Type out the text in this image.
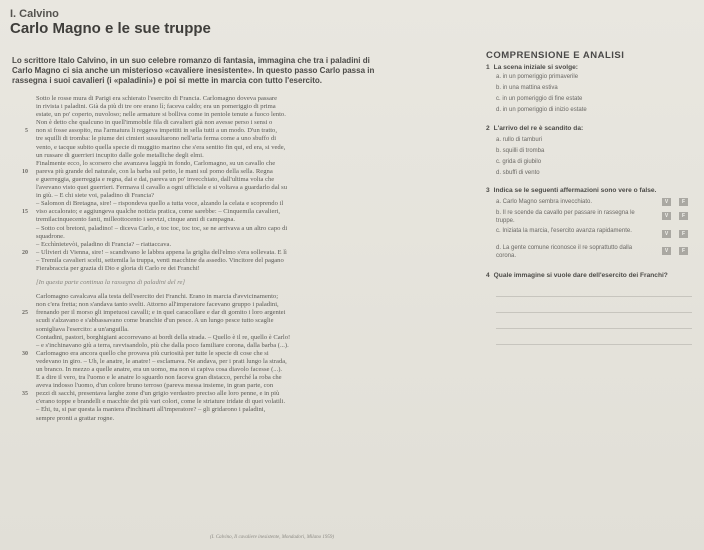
I. Calvino
Carlo Magno e le sue truppe

Lo scrittore Italo Calvino, in un suo celebre romanzo di fantasia, immagina che tra i paladini di Carlo Magno ci sia anche un misterioso «cavaliere inesistente». In questo passo Carlo passa in rassegna i suoi cavalieri (i «paladini») e poi si mette in marcia con tutto l'esercito.

Sotto le rosse mura di Parigi era schierato l'esercito di Francia. Carlomagno doveva passare
in rivista i paladini. Già da più di tre ore erano lì; faceva caldo; era un pomeriggio di prima
estate, un po' coperto, nuvoloso; nelle armature si bolliva come in pentole tenute a fuoco lento.
Non è detto che qualcuno in quell'immobile fila di cavalieri già non avesse perso i sensi o
5 non si fosse assopito, ma l'armatura li reggeva impettiti in sella tutti a un modo. D'un tratto,
tre squilli di tromba: le piume dei cimieri sussultarono nell'aria ferma come a uno sbuffo di
vento, e tacque subito quella specie di muggito marino che s'era sentito fin qui, ed era, si vede,
un russare di guerrieri incupito dalle gole metalliche degli elmi.
Finalmente ecco, lo scorsero che avanzava laggiù in fondo, Carlomagno, su un cavallo che
10 pareva più grande del naturale, con la barba sul petto, le mani sul pomo della sella. Regna
e guerreggia, guerreggia e regna, dai e dai, pareva un po' invecchiato, dall'ultima volta che
l'avevano visto quei guerrieri. Fermava il cavallo a ogni ufficiale e si voltava a guardarlo dal su
in giù. – E chi siete voi, paladino di Francia?
– Salomon di Bretagna, sire! – rispondeva quello a tutta voce, alzando la celata e scoprendo il
15 viso accalorato; e aggiungeva qualche notizia pratica, come sarebbe: – Cinquemila cavalieri,
tremilacinquecento fanti, milleottocento i servizi, cinque anni di campagna.
– Sotto coi bretoni, paladino! – diceva Carlo, e toc toc, toc toc, se ne arrivava a un altro capo di
squadrone.
– Ecchìnietevòi, paladino di Francia? – riattaccava.
20 – Ulivieri di Vienna, sire! – scandivano le labbra appena la griglia dell'elmo s'era sollevata. E lì
– Tremila cavalieri scelti, settemila la truppa, venti macchine da assedio. Vincitore del pagano
Fierabraccia per grazia di Dio e gloria di Carlo re dei Franchi!
[In questa parte continua la rassegna di paladini del re]
Carlomagno cavalcava alla testa dell'esercito dei Franchi. Erano in marcia d'avvicinamento;
non c'era fretta; non s'andava tanto svelti. Attorno all'imperatore facevano gruppo i paladini,
25 frenando per il morso gli impetuosi cavalli; e in quel caracollare e dar di gomito i loro argentei
scudi s'alzavano e s'abbassavano come branchie d'un pesce. A un lungo pesce tutto scaglie
somigliava l'esercito: a un'anguilla.
Contadini, pastori, borghigiani accorrevano ai bordi della strada. – Quello è il re, quello è Carlo!
– e s'inchinavano giù a terra, ravvisandolo, più che dalla poco familiare corona, dalla barba (...).
30 Carlomagno era ancora quello che provava più curiosità per tutte le specie di cose che si
vedevano in giro. – Uh, le anatre, le anatre! – esclamava. Ne andava, per i prati lungo la strada,
un branco. In mezzo a quelle anatre, era un uomo, ma non si capiva cosa diavolo facesse (...).
E a dire il vero, tra l'uomo e le anatre lo sguardo non faceva gran distacco, perché la roba che
aveva indosso l'uomo, d'un colore bruno terroso (pareva messa insieme, in gran parte, con
35 pezzi di sacchi, presentava larghe zone d'un grigio verdastro preciso alle loro penne, e in più
c'erano toppe e brandelli e macchie dei più vari colori, come le striature iridate di quei volatili.
– Ehi, tu, si par questa la maniera d'inchinarti all'imperatore? – gli gridarono i paladini,
sempre pronti a grattar rogne.
(I. Calvino, Il cavaliere inesistente, Mondadori, Milano 1959)
COMPRENSIONE E ANALISI
1 La scena iniziale si svolge:
a. in un pomeriggio primaverile
b. in una mattina estiva
c. in un pomeriggio di fine estate
d. in un pomeriggio di inizio estate
2 L'arrivo del re è scandito da:
a. rullo di tamburi
b. squilli di tromba
c. grida di giubilo
d. sbuffi di vento
3 Indica se le seguenti affermazioni sono vere o false.
a. Carlo Magno sembra invecchiato.	V	F
b. Il re scende da cavallo per passare in rassegna le truppe.
V	F
c. Iniziata la marcia, l'esercito avanza rapidamente.	V	F
d. La gente comune riconosce il re soprattutto dalla corona.
V	F
4 Quale immagine si vuole dare dell'esercito dei Franchi?
